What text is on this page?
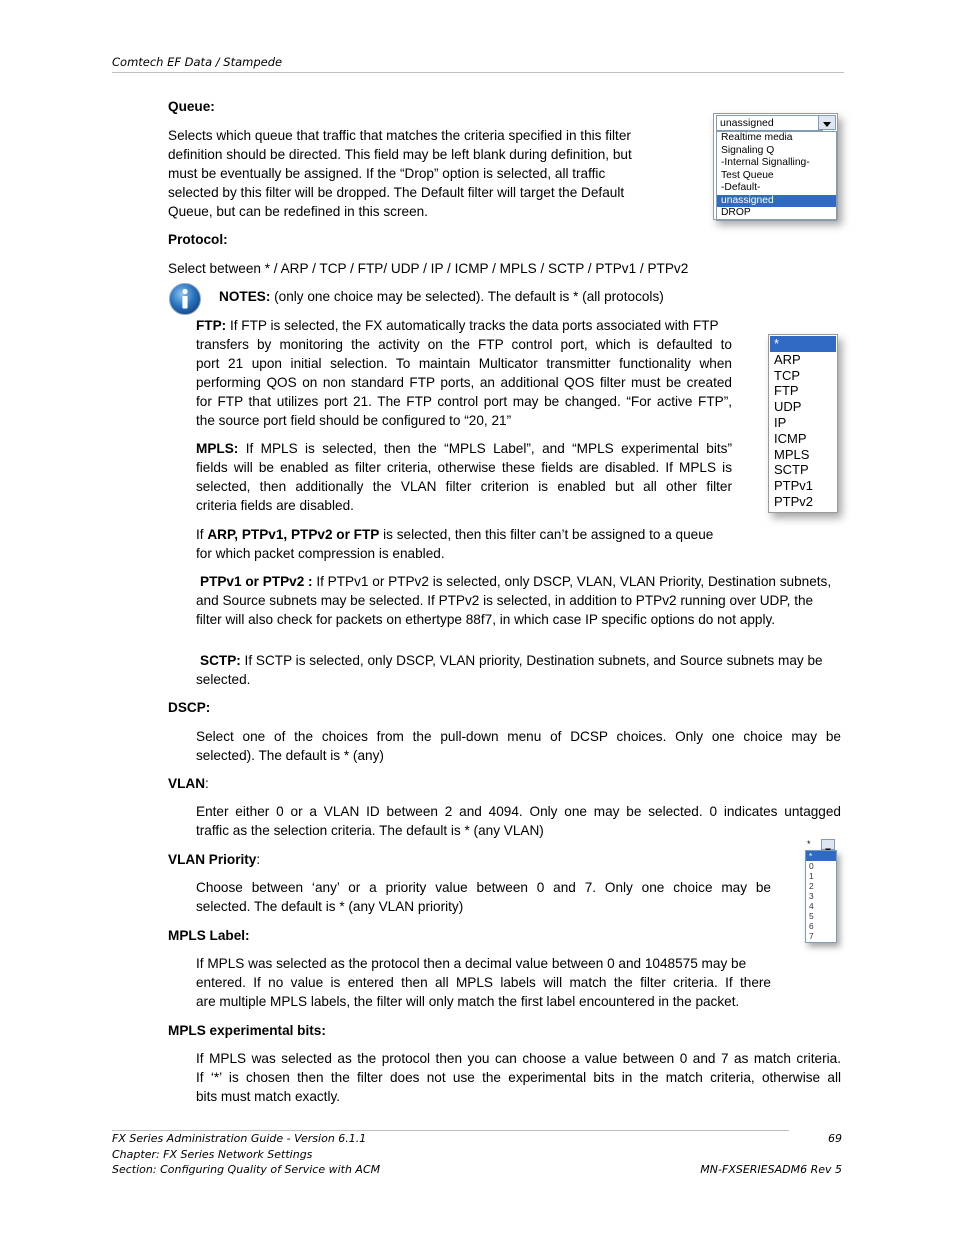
Comtech EF Data / Stampede
Queue:
Selects which queue that traffic that matches the criteria specified in this filter
definition should be directed. This field may be left blank during definition, but
must be eventually be assigned. If the “Drop” option is selected, all traffic
selected by this filter will be dropped. The Default filter will target the Default
Queue, but can be redefined in this screen.
unassigned
Realtime media
Signaling Q
-Internal Signalling-
Test Queue
-Default-
unassigned
DROP
Protocol:
Select between * / ARP / TCP / FTP/ UDP / IP / ICMP / MPLS / SCTP / PTPv1 / PTPv2
NOTES: (only one choice may be selected). The default is * (all protocols)
FTP: If FTP is selected, the FX automatically tracks the data ports associated with FTP
transfers by monitoring the activity on the FTP control port, which is defaulted to
port 21 upon initial selection. To maintain Multicator transmitter functionality when
performing QOS on non standard FTP ports, an additional QOS filter must be created
for FTP that utilizes port 21. The FTP control port may be changed. “For active FTP”,
the source port field should be configured to “20, 21”
MPLS: If MPLS is selected, then the “MPLS Label”, and “MPLS experimental bits”
fields will be enabled as filter criteria, otherwise these fields are disabled. If MPLS is
selected, then additionally the VLAN filter criterion is enabled but all other filter
criteria fields are disabled.
*
ARP
TCP
FTP
UDP
IP
ICMP
MPLS
SCTP
PTPv1
PTPv2
If ARP, PTPv1, PTPv2 or FTP is selected, then this filter can’t be assigned to a queue
for which packet compression is enabled.
PTPv1 or PTPv2 : If PTPv1 or PTPv2 is selected, only DSCP, VLAN, VLAN Priority, Destination subnets,
and Source subnets may be selected. If PTPv2 is selected, in addition to PTPv2 running over UDP, the
filter will also check for packets on ethertype 88f7, in which case IP specific options do not apply.
SCTP: If SCTP is selected, only DSCP, VLAN priority, Destination subnets, and Source subnets may be
selected.
DSCP:
Select one of the choices from the pull-down menu of DCSP choices. Only one choice may be
selected). The default is * (any)
VLAN:
Enter either 0 or a VLAN ID between 2 and 4094. Only one may be selected. 0 indicates untagged
traffic as the selection criteria. The default is * (any VLAN)
VLAN Priority:
Choose between ‘any’ or a priority value between 0 and 7. Only one choice may be
selected. The default is * (any VLAN priority)
*
*
0
1
2
3
4
5
6
7
MPLS Label:
If MPLS was selected as the protocol then a decimal value between 0 and 1048575 may be
entered. If no value is entered then all MPLS labels will match the filter criteria. If there
are multiple MPLS labels, the filter will only match the first label encountered in the packet.
MPLS experimental bits:
If MPLS was selected as the protocol then you can choose a value between 0 and 7 as match criteria.
If ‘*’ is chosen then the filter does not use the experimental bits in the match criteria, otherwise all
bits must match exactly.
FX Series Administration Guide - Version 6.1.1
Chapter: FX Series Network Settings
Section: Configuring Quality of Service with ACM
69

MN-FXSERIESADM6 Rev 5
